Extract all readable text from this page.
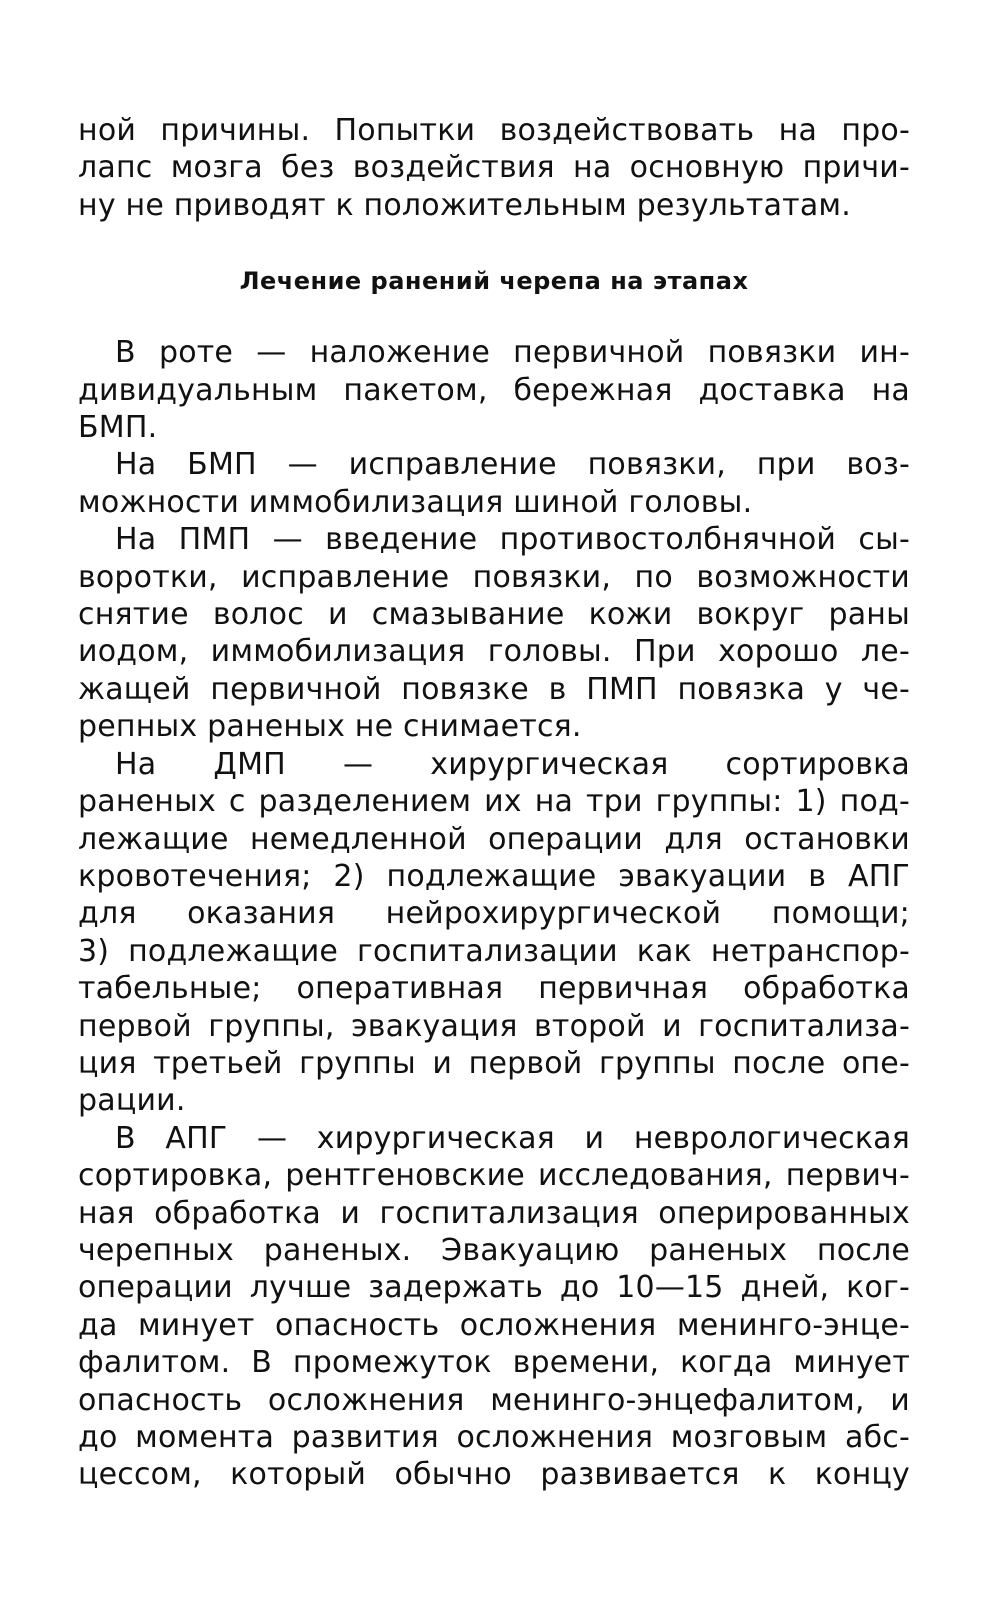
ной причины. Попытки воздействовать на про-
лапс мозга без воздействия на основную причи-
ну не приводят к положительным результатам.
Лечение ранений черепа на этапах
В роте — наложение первичной повязки ин-
дивидуальным пакетом, бережная доставка на
БМП.
На БМП — исправление повязки, при воз-
можности иммобилизация шиной головы.
На ПМП — введение противостолбнячной сы-
воротки, исправление повязки, по возможности
снятие волос и смазывание кожи вокруг раны
иодом, иммобилизация головы. При хорошо ле-
жащей первичной повязке в ПМП повязка у че-
репных раненых не снимается.
На ДМП — хирургическая сортировка
раненых с разделением их на три группы: 1) под-
лежащие немедленной операции для остановки
кровотечения; 2) подлежащие эвакуации в АПГ
для оказания нейрохирургической помощи;
3) подлежащие госпитализации как нетранспор-
табельные; оперативная первичная обработка
первой группы, эвакуация второй и госпитализа-
ция третьей группы и первой группы после опе-
рации.
В АПГ — хирургическая и неврологическая
сортировка, рентгеновские исследования, первич-
ная обработка и госпитализация оперированных
черепных раненых. Эвакуацию раненых после
операции лучше задержать до 10—15 дней, ког-
да минует опасность осложнения менинго-энце-
фалитом. В промежуток времени, когда минует
опасность осложнения менинго-энцефалитом, и
до момента развития осложнения мозговым абс-
цессом, который обычно развивается к концу
